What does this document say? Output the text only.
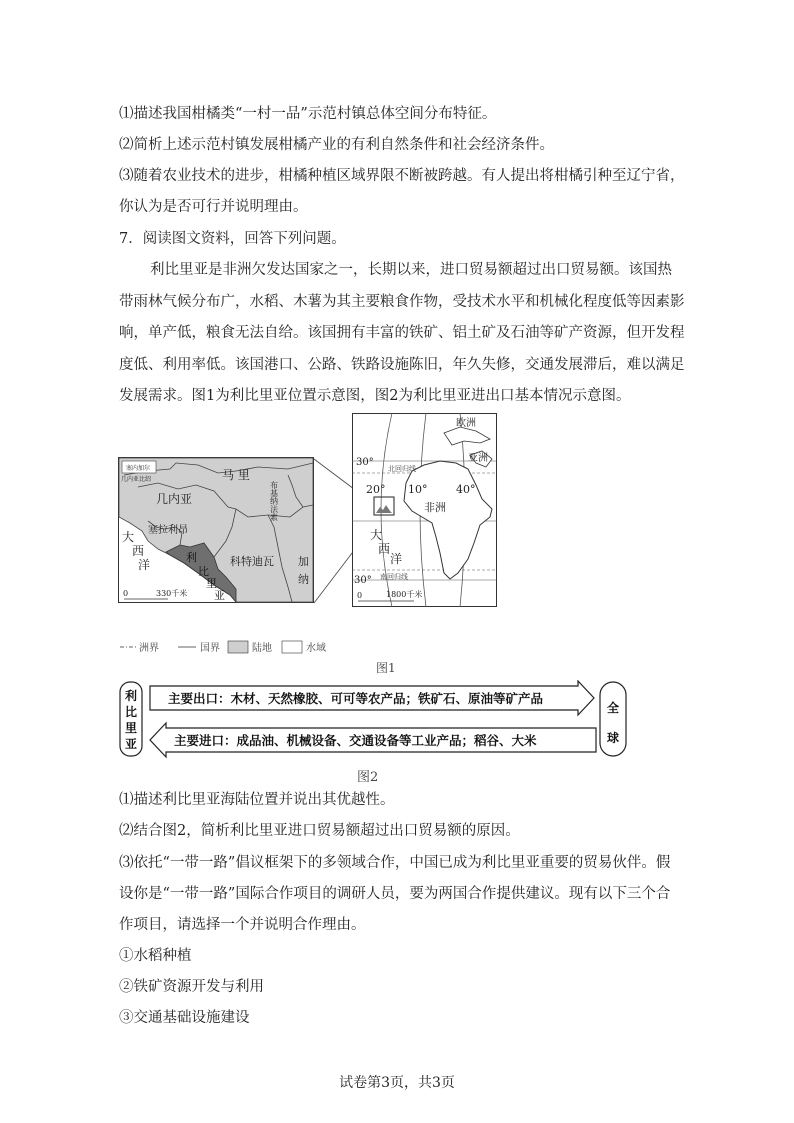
⑴描述我国柑橘类“一村一品”示范村镇总体空间分布特征。
⑵简析上述示范村镇发展柑橘产业的有利自然条件和社会经济条件。
⑶随着农业技术的进步，柑橘种植区域界限不断被跨越。有人提出将柑橘引种至辽宁省，
你认为是否可行并说明理由。
7．阅读图文资料，回答下列问题。
利比里亚是非洲欠发达国家之一，长期以来，进口贸易额超过出口贸易额。该国热
带雨林气候分布广，水稻、木薯为其主要粮食作物，受技术水平和机械化程度低等因素影
响，单产低，粮食无法自给。该国拥有丰富的铁矿、铝土矿及石油等矿产资源，但开发程
度低、利用率低。该国港口、公路、铁路设施陈旧，年久失修，交通发展滞后，难以满足
发展需求。图1为利比里亚位置示意图，图2为利比里亚进出口基本情况示意图。
塞内加尔
几内亚比绍	马 里
几内亚	布基纳法索
加
纳
塞拉利昂
利
比
里
亚
科特迪瓦
大
西
洋
0	330千米
欧洲
亚洲
非洲
北回归线
南回归线
30°
30°
20° 10°	40°
大
西
洋
0	1800千米
洲界	国界	陆地	水域
图1
利
比
里
亚
全
球
主要出口：木材、天然橡胶、可可等农产品；铁矿石、原油等矿产品
主要进口：成品油、机械设备、交通设备等工业产品；稻谷、大米
图2
⑴描述利比里亚海陆位置并说出其优越性。
⑵结合图2，简析利比里亚进口贸易额超过出口贸易额的原因。
⑶依托“一带一路”倡议框架下的多领域合作，中国已成为利比里亚重要的贸易伙伴。假
设你是“一带一路”国际合作项目的调研人员，要为两国合作提供建议。现有以下三个合
作项目，请选择一个并说明合作理由。
①水稻种植
②铁矿资源开发与利用
③交通基础设施建设
试卷第3页，共3页
